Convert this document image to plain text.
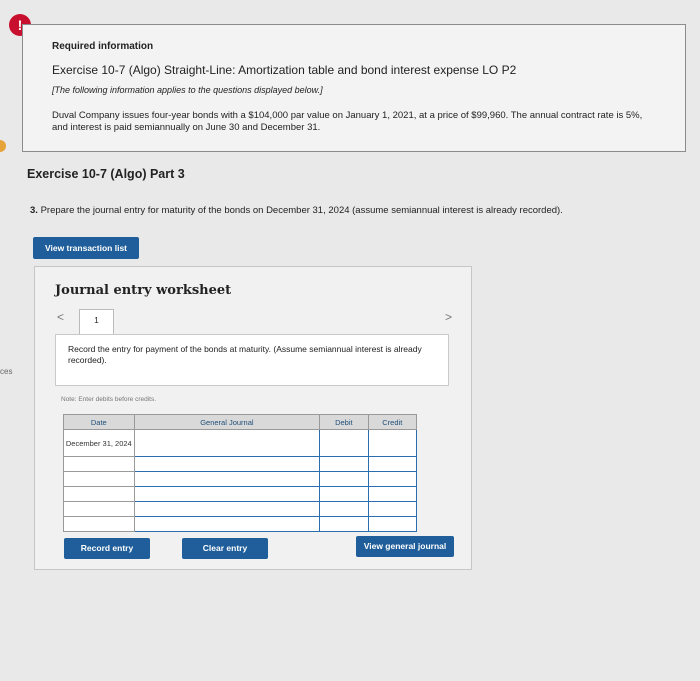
ces
!
Required information
Exercise 10-7 (Algo) Straight-Line: Amortization table and bond interest expense LO P2
[The following information applies to the questions displayed below.]
Duval Company issues four-year bonds with a $104,000 par value on January 1, 2021, at a price of $99,960. The annual contract rate is 5%, and interest is paid semiannually on June 30 and December 31.
Exercise 10-7 (Algo) Part 3
3. Prepare the journal entry for maturity of the bonds on December 31, 2024 (assume semiannual interest is already recorded).
View transaction list
Journal entry worksheet
<	1	>
Record the entry for payment of the bonds at maturity. (Assume semiannual interest is already recorded).
Note: Enter debits before credits.
Date	General Journal	Debit	Credit
December 31, 2024			

Record entry	Clear entry	View general journal
